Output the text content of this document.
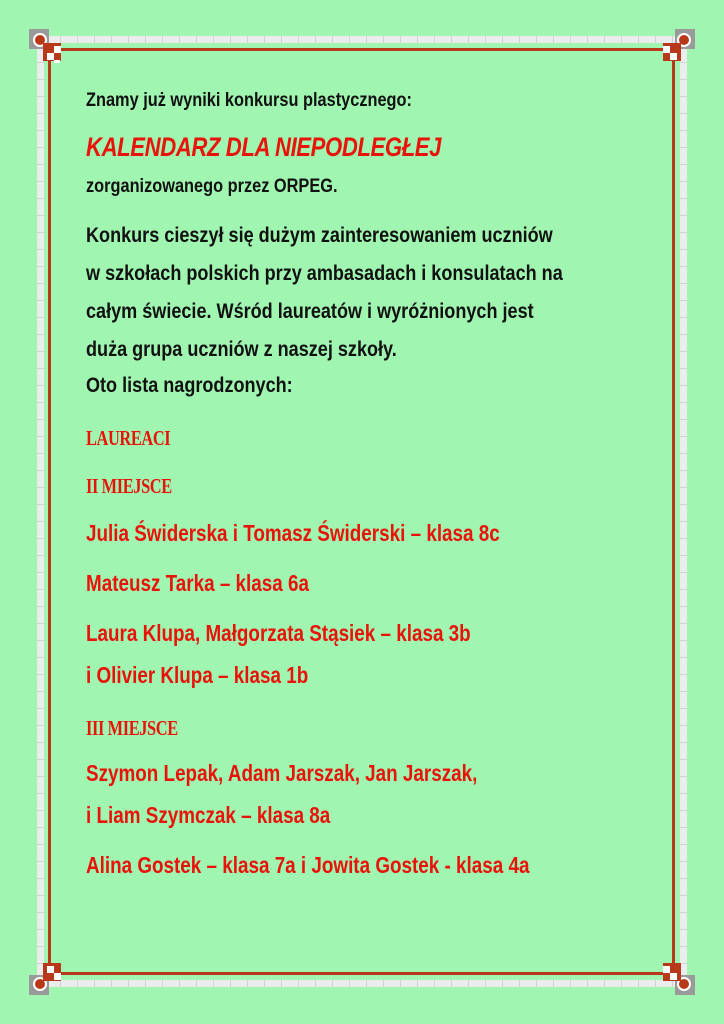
Znamy już wyniki konkursu plastycznego:
KALENDARZ DLA NIEPODLEGŁEJ
zorganizowanego przez ORPEG.
Konkurs cieszył się dużym zainteresowaniem uczniów
w szkołach polskich przy ambasadach i konsulatach na
całym świecie. Wśród laureatów i wyróżnionych jest
duża grupa uczniów z naszej szkoły.
Oto lista nagrodzonych:
LAUREACI
II MIEJSCE
Julia Świderska i Tomasz Świderski – klasa 8c
Mateusz Tarka – klasa 6a
Laura Klupa, Małgorzata Stąsiek – klasa 3b
i Olivier Klupa – klasa 1b
III MIEJSCE
Szymon Lepak, Adam Jarszak, Jan Jarszak,
i Liam Szymczak – klasa 8a
Alina Gostek – klasa 7a i Jowita Gostek - klasa 4a
